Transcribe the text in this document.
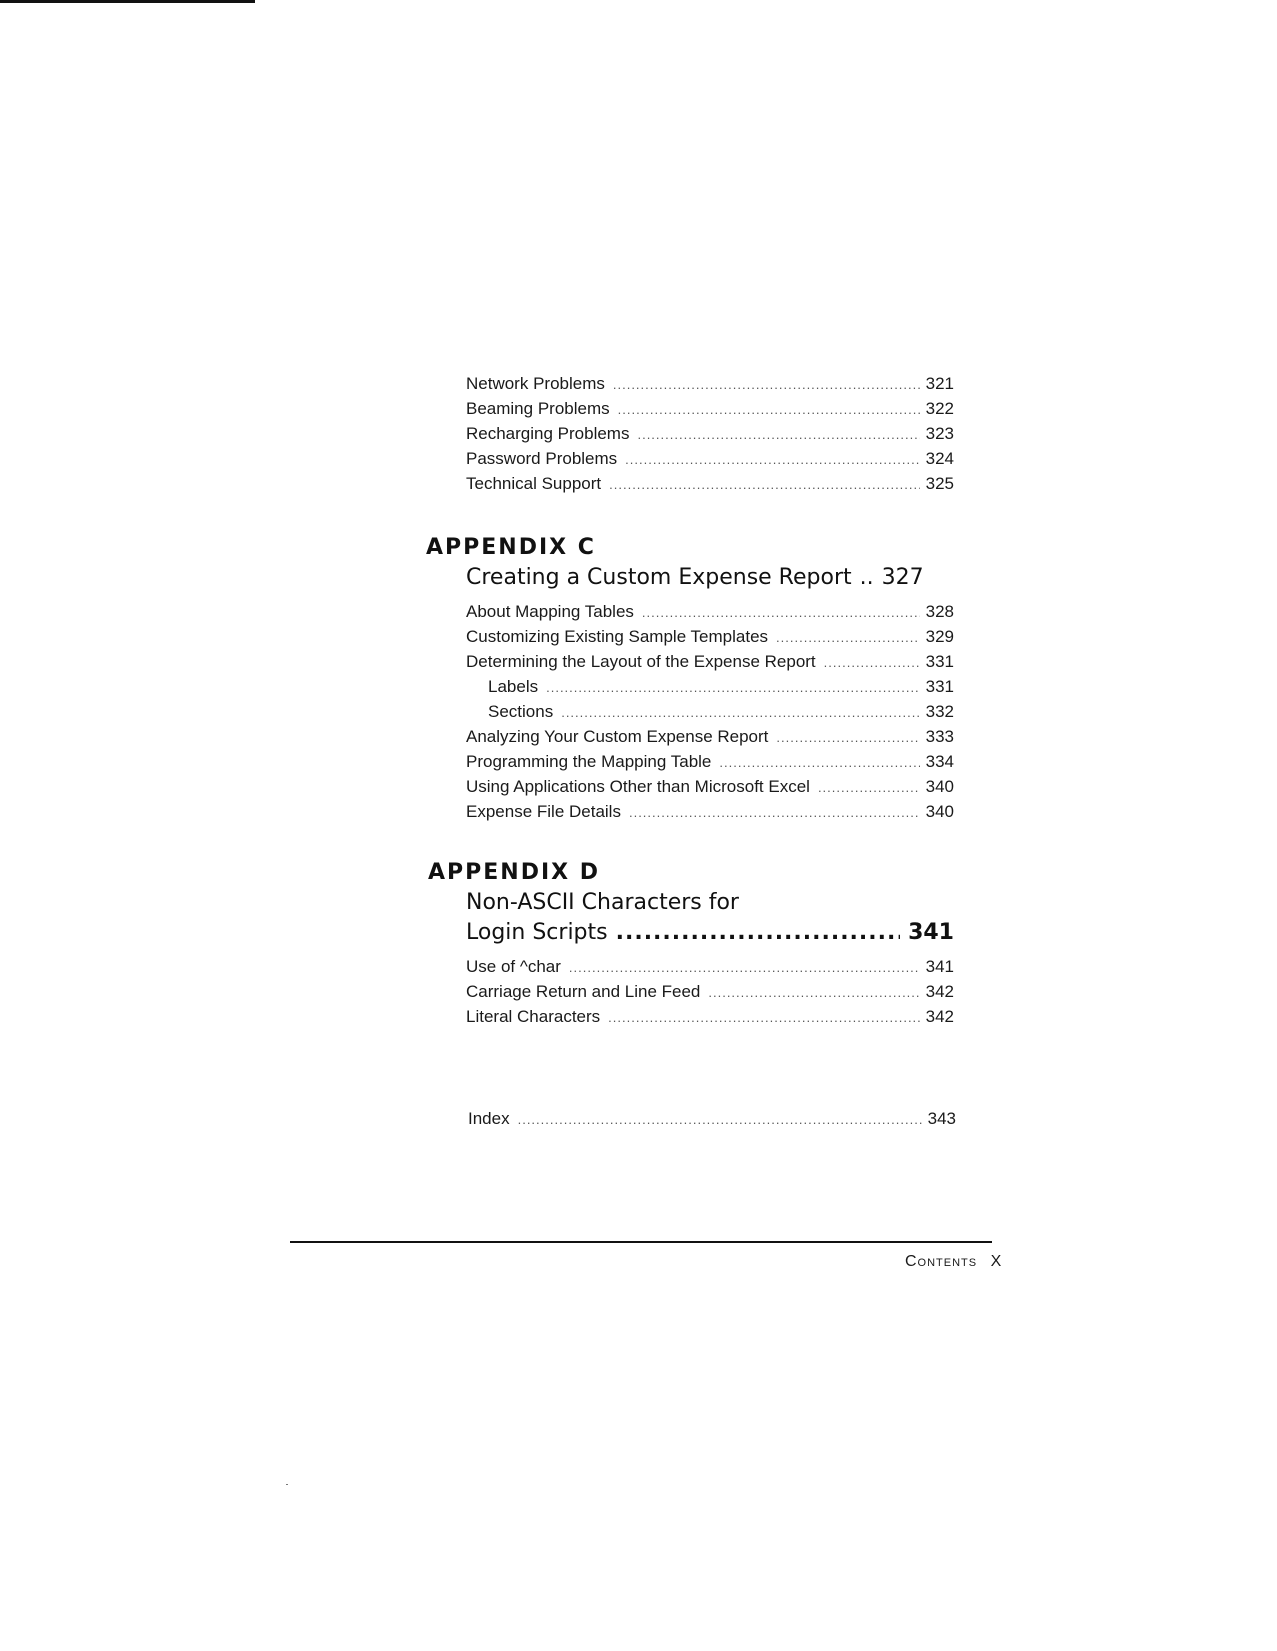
Network Problems .....	321
Beaming Problems .....	322
Recharging Problems .....	323
Password Problems .....	324
Technical Support .....	325
APPENDIX C
Creating a Custom Expense Report .. 327
About Mapping Tables .....	328
Customizing Existing Sample Templates .....	329
Determining the Layout of the Expense Report .....	331
Labels .....	331
Sections .....	332
Analyzing Your Custom Expense Report .....	333
Programming the Mapping Table .....	334
Using Applications Other than Microsoft Excel .....	340
Expense File Details .....	340
APPENDIX D
Non-ASCII Characters for
Login Scripts .....	341
Use of ^char .....	341
Carriage Return and Line Feed .....	342
Literal Characters .....	342
Index .....	343
Contents X
